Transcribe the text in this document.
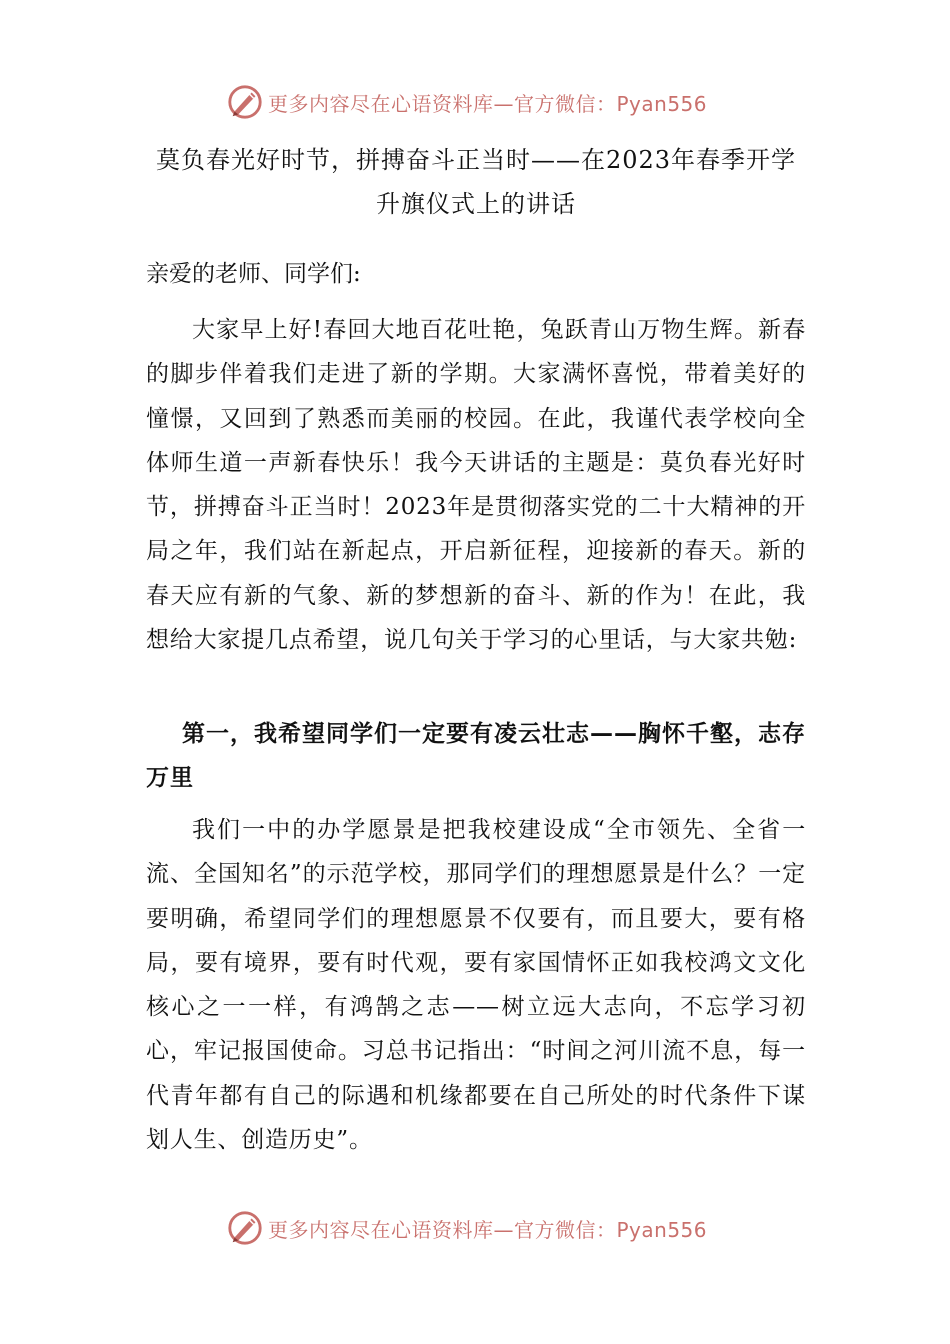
更多内容尽在心语资料库—官方微信：Pyan556
莫负春光好时节，拼搏奋斗正当时——在2023年春季开学升旗仪式上的讲话

亲爱的老师、同学们:

大家早上好!春回大地百花吐艳，兔跃青山万物生辉。新春的脚步伴着我们走进了新的学期。大家满怀喜悦，带着美好的憧憬，又回到了熟悉而美丽的校园。在此，我谨代表学校向全体师生道一声新春快乐！我今天讲话的主题是：莫负春光好时节，拼搏奋斗正当时！2023年是贯彻落实党的二十大精神的开局之年，我们站在新起点，开启新征程，迎接新的春天。新的春天应有新的气象、新的梦想新的奋斗、新的作为！在此，我想给大家提几点希望，说几句关于学习的心里话，与大家共勉:

第一，我希望同学们一定要有凌云壮志——胸怀千壑，志存万里

我们一中的办学愿景是把我校建设成“全市领先、全省一流、全国知名”的示范学校，那同学们的理想愿景是什么？一定要明确，希望同学们的理想愿景不仅要有，而且要大，要有格局，要有境界，要有时代观，要有家国情怀正如我校鸿文文化核心之一一样，有鸿鹄之志——树立远大志向，不忘学习初心，牢记报国使命。习总书记指出：“时间之河川流不息，每一代青年都有自己的际遇和机缘都要在自己所处的时代条件下谋划人生、创造历史”。

更多内容尽在心语资料库—官方微信：Pyan556
